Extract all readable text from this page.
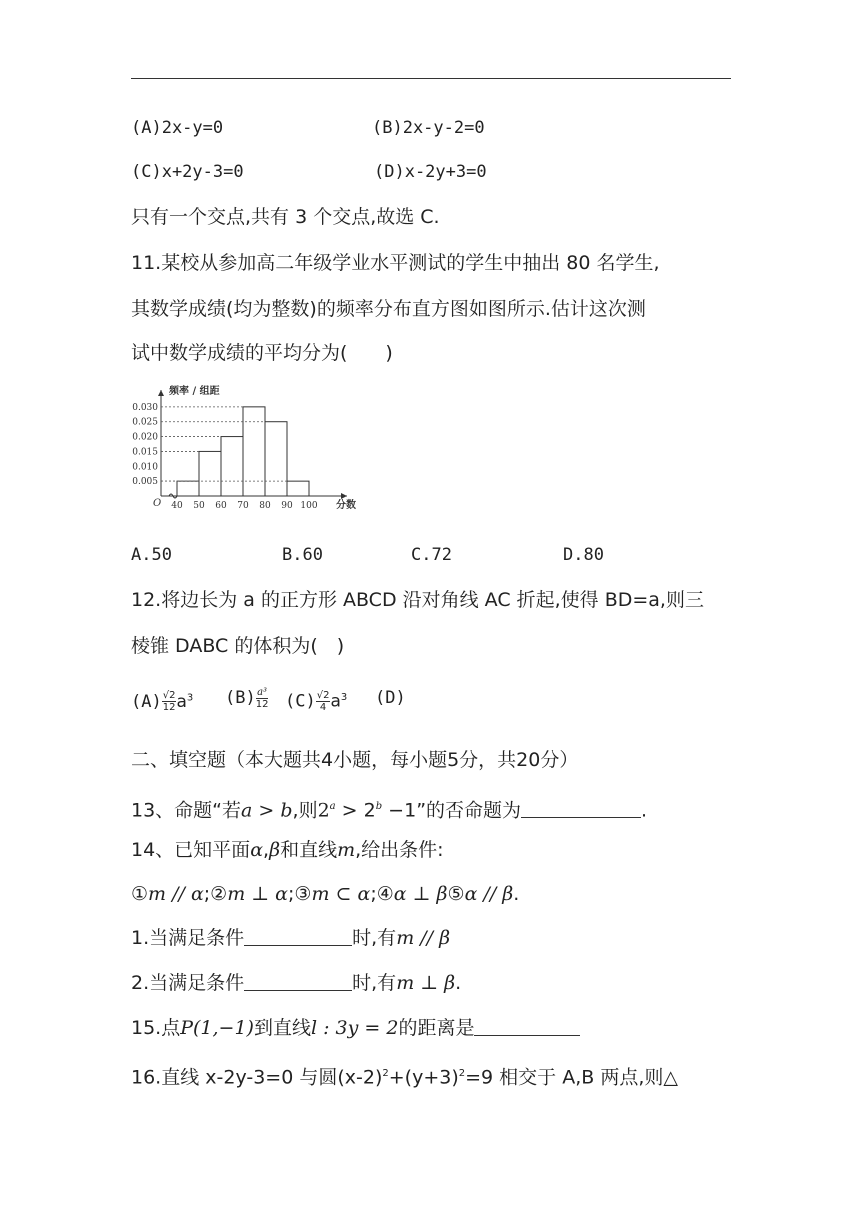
(A)2x-y=0	(B)2x-y-2=0
(C)x+2y-3=0	(D)x-2y+3=0
只有一个交点,共有 3 个交点,故选 C.
11.某校从参加高二年级学业水平测试的学生中抽出 80 名学生,
其数学成绩(均为整数)的频率分布直方图如图所示.估计这次测
试中数学成绩的平均分为(　　)
0.005
0.010
0.015
0.020
0.025
0.030
40 50 60 70 80 90 100
频率 / 组距
分数
O
A.50	B.60	C.72	D.80
12.将边长为 a 的正方形 ABCD 沿对角线 AC 折起,使得 BD=a,则三
棱锥 DABC 的体积为(　)
$(A) \frac{√2}{12} a^3$ $(B) \frac{\text{a³}}{12} (C) \frac{√2}{4} a^3$ (D)
二、填空题（本大题共4小题，每小题5分，共20分）
13、命题“若a > b,则$2^a > 2^b -1$”的否命题为	.
14、已知平面α,β和直线m,给出条件:
①m // α;②m ⊥ α;③m ⊂ α;④α ⊥ β⑤α // β.
1.当满足条件	时,有m // β
2.当满足条件	时,有m ⊥ β.
15.点P(1,−1)到直线l : 3y = 2的距离是
16.直线 x-2y-3=0 与圆$(x-2)^2+(y+3)^2=9$ 相交于 A,B 两点,则△
